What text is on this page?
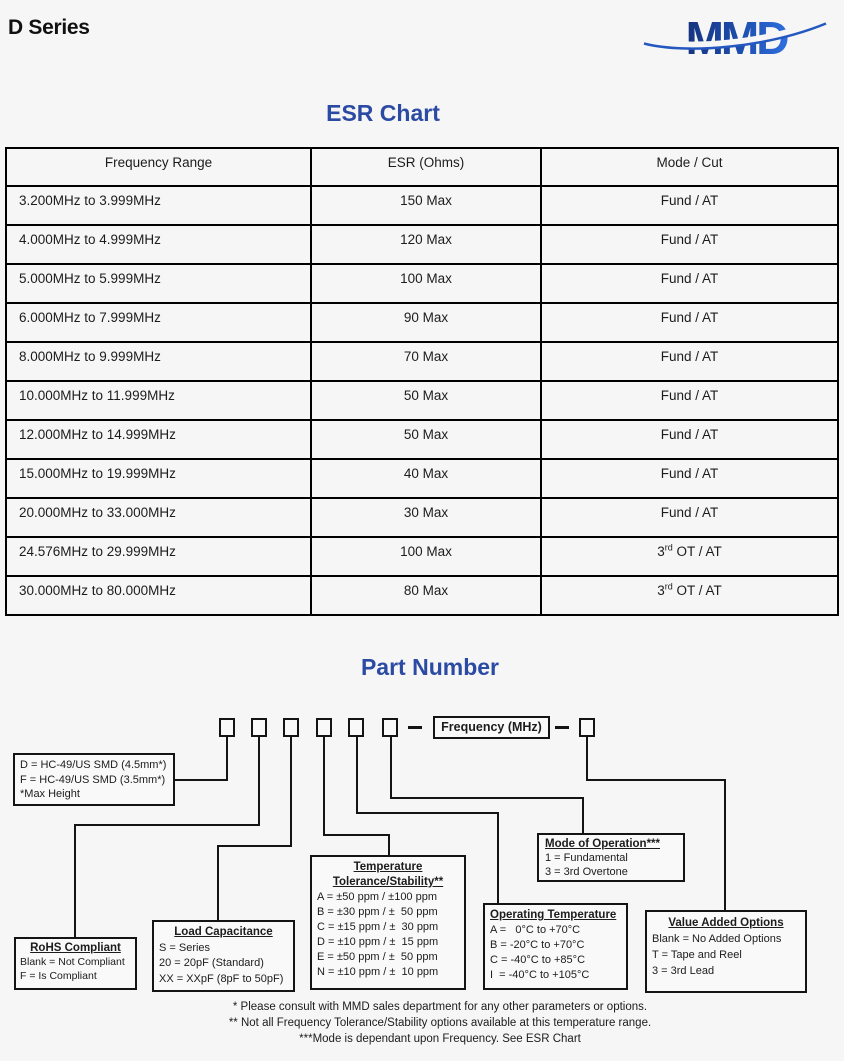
D Series	MMD
ESR Chart
Frequency Range	ESR (Ohms)	Mode / Cut
3.200MHz to 3.999MHz	150 Max	Fund / AT
4.000MHz to 4.999MHz	120 Max	Fund / AT
5.000MHz to 5.999MHz	100 Max	Fund / AT
6.000MHz to 7.999MHz	90 Max	Fund / AT
8.000MHz to 9.999MHz	70 Max	Fund / AT
10.000MHz to 11.999MHz	50 Max	Fund / AT
12.000MHz to 14.999MHz	50 Max	Fund / AT
15.000MHz to 19.999MHz	40 Max	Fund / AT
20.000MHz to 33.000MHz	30 Max	Fund / AT
24.576MHz to 29.999MHz	100 Max	3rd OT / AT
30.000MHz to 80.000MHz	80 Max	3rd OT / AT
Part Number
Frequency (MHz)
D = HC-49/US SMD (4.5mm*)
F = HC-49/US SMD (3.5mm*)
*Max Height
RoHS Compliant
Blank = Not Compliant
F = Is Compliant
Load Capacitance
S = Series
20 = 20pF (Standard)
XX = XXpF (8pF to 50pF)
Temperature
Tolerance/Stability**
A = ±50 ppm / ±100 ppm
B = ±30 ppm / ±  50 ppm
C = ±15 ppm / ±  30 ppm
D = ±10 ppm / ±  15 ppm
E = ±50 ppm / ±  50 ppm
N = ±10 ppm / ±  10 ppm
Operating Temperature
A =   0°C to +70°C
B = -20°C to +70°C
C = -40°C to +85°C
I  = -40°C to +105°C
Mode of Operation***
1 = Fundamental
3 = 3rd Overtone
Value Added Options
Blank = No Added Options
T = Tape and Reel
3 = 3rd Lead
* Please consult with MMD sales department for any other parameters or options.
** Not all Frequency Tolerance/Stability options available at this temperature range.
***Mode is dependant upon Frequency. See ESR Chart
